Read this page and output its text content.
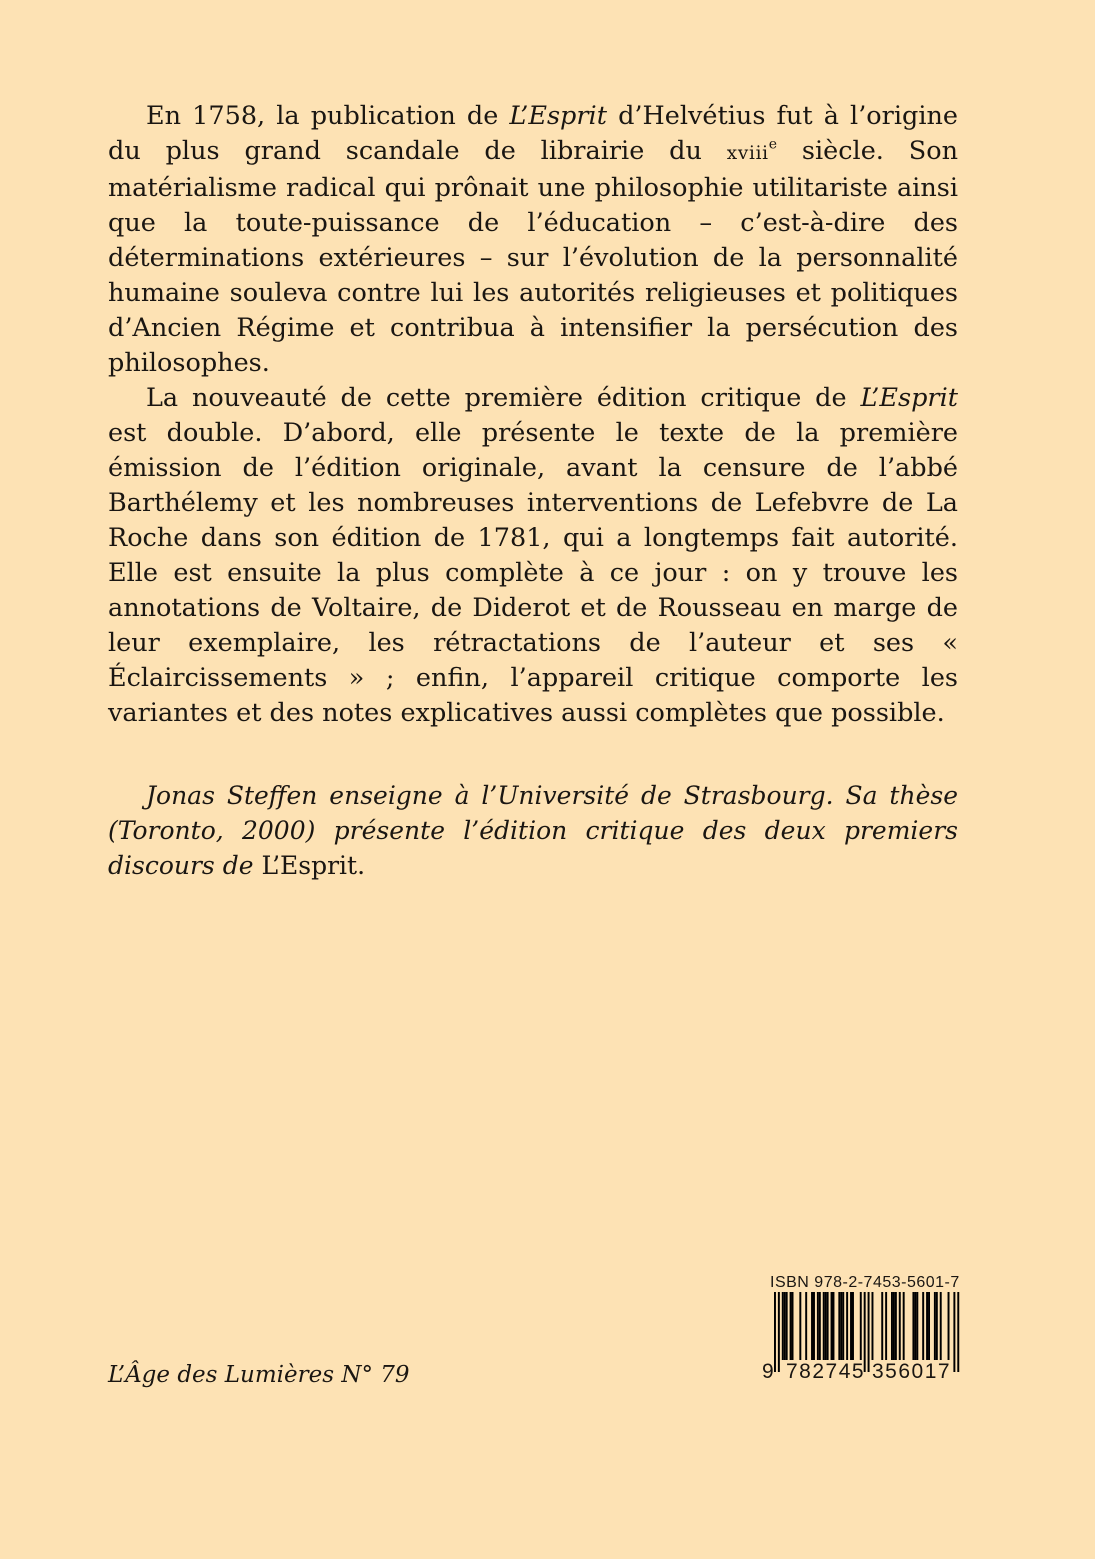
En 1758, la publication de L’Esprit d’Helvétius fut à l’origine du plus grand scandale de librairie du xviii$^e$ siècle. Son matérialisme radical qui prônait une philosophie utilitariste ainsi que la toute-puissance de l’éducation – c’est-à-dire des déterminations extérieures – sur l’évolution de la personnalité humaine souleva contre lui les autorités religieuses et politiques d’Ancien Régime et contribua à intensifier la persécution des philosophes.

La nouveauté de cette première édition critique de L’Esprit est double. D’abord, elle présente le texte de la première émission de l’édition originale, avant la censure de l’abbé Barthélemy et les nombreuses interventions de Lefebvre de La Roche dans son édition de 1781, qui a longtemps fait autorité. Elle est ensuite la plus complète à ce jour : on y trouve les annotations de Voltaire, de Diderot et de Rousseau en marge de leur exemplaire, les rétractations de l’auteur et ses « Éclaircissements » ; enfin, l’appareil critique comporte les variantes et des notes explicatives aussi complètes que possible.

Jonas Steffen enseigne à l’Université de Strasbourg. Sa thèse (Toronto, 2000) présente l’édition critique des deux premiers discours de L’Esprit.
L’Âge des Lumières N° 79
ISBN 978-2-7453-5601-7
9 782745 356017
